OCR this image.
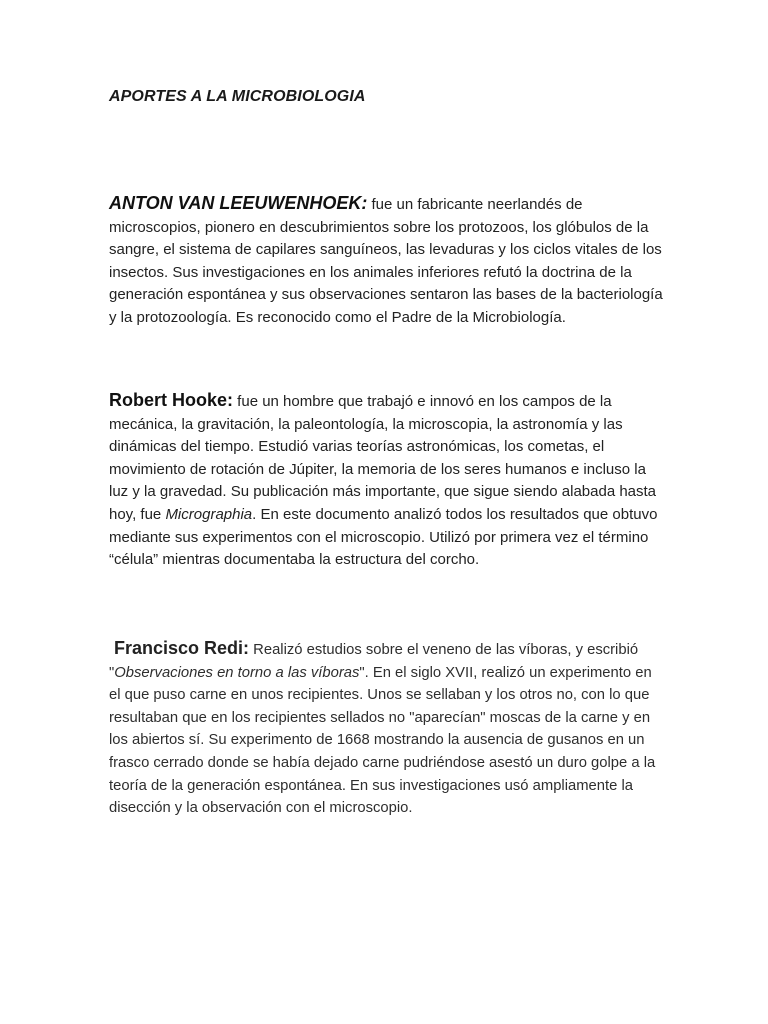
APORTES A LA MICROBIOLOGIA

ANTON VAN LEEUWENHOEK: fue un fabricante neerlandés de microscopios, pionero en descubrimientos sobre los protozoos, los glóbulos de la sangre, el sistema de capilares sanguíneos, las levaduras y los ciclos vitales de los insectos. Sus investigaciones en los animales inferiores refutó la doctrina de la generación espontánea y sus observaciones sentaron las bases de la bacteriología y la protozoología. Es reconocido como el Padre de la Microbiología.

Robert Hooke: fue un hombre que trabajó e innovó en los campos de la mecánica, la gravitación, la paleontología, la microscopia, la astronomía y las dinámicas del tiempo. Estudió varias teorías astronómicas, los cometas, el movimiento de rotación de Júpiter, la memoria de los seres humanos e incluso la luz y la gravedad. Su publicación más importante, que sigue siendo alabada hasta hoy, fue Micrographia. En este documento analizó todos los resultados que obtuvo mediante sus experimentos con el microscopio. Utilizó por primera vez el término “célula” mientras documentaba la estructura del corcho.

Francisco Redi: Realizó estudios sobre el veneno de las víboras, y escribió "Observaciones en torno a las víboras". En el siglo XVII, realizó un experimento en el que puso carne en unos recipientes. Unos se sellaban y los otros no, con lo que resultaban que en los recipientes sellados no "aparecían" moscas de la carne y en los abiertos sí. Su experimento de 1668 mostrando la ausencia de gusanos en un frasco cerrado donde se había dejado carne pudriéndose asestó un duro golpe a la teoría de la generación espontánea. En sus investigaciones usó ampliamente la disección y la observación con el microscopio.
